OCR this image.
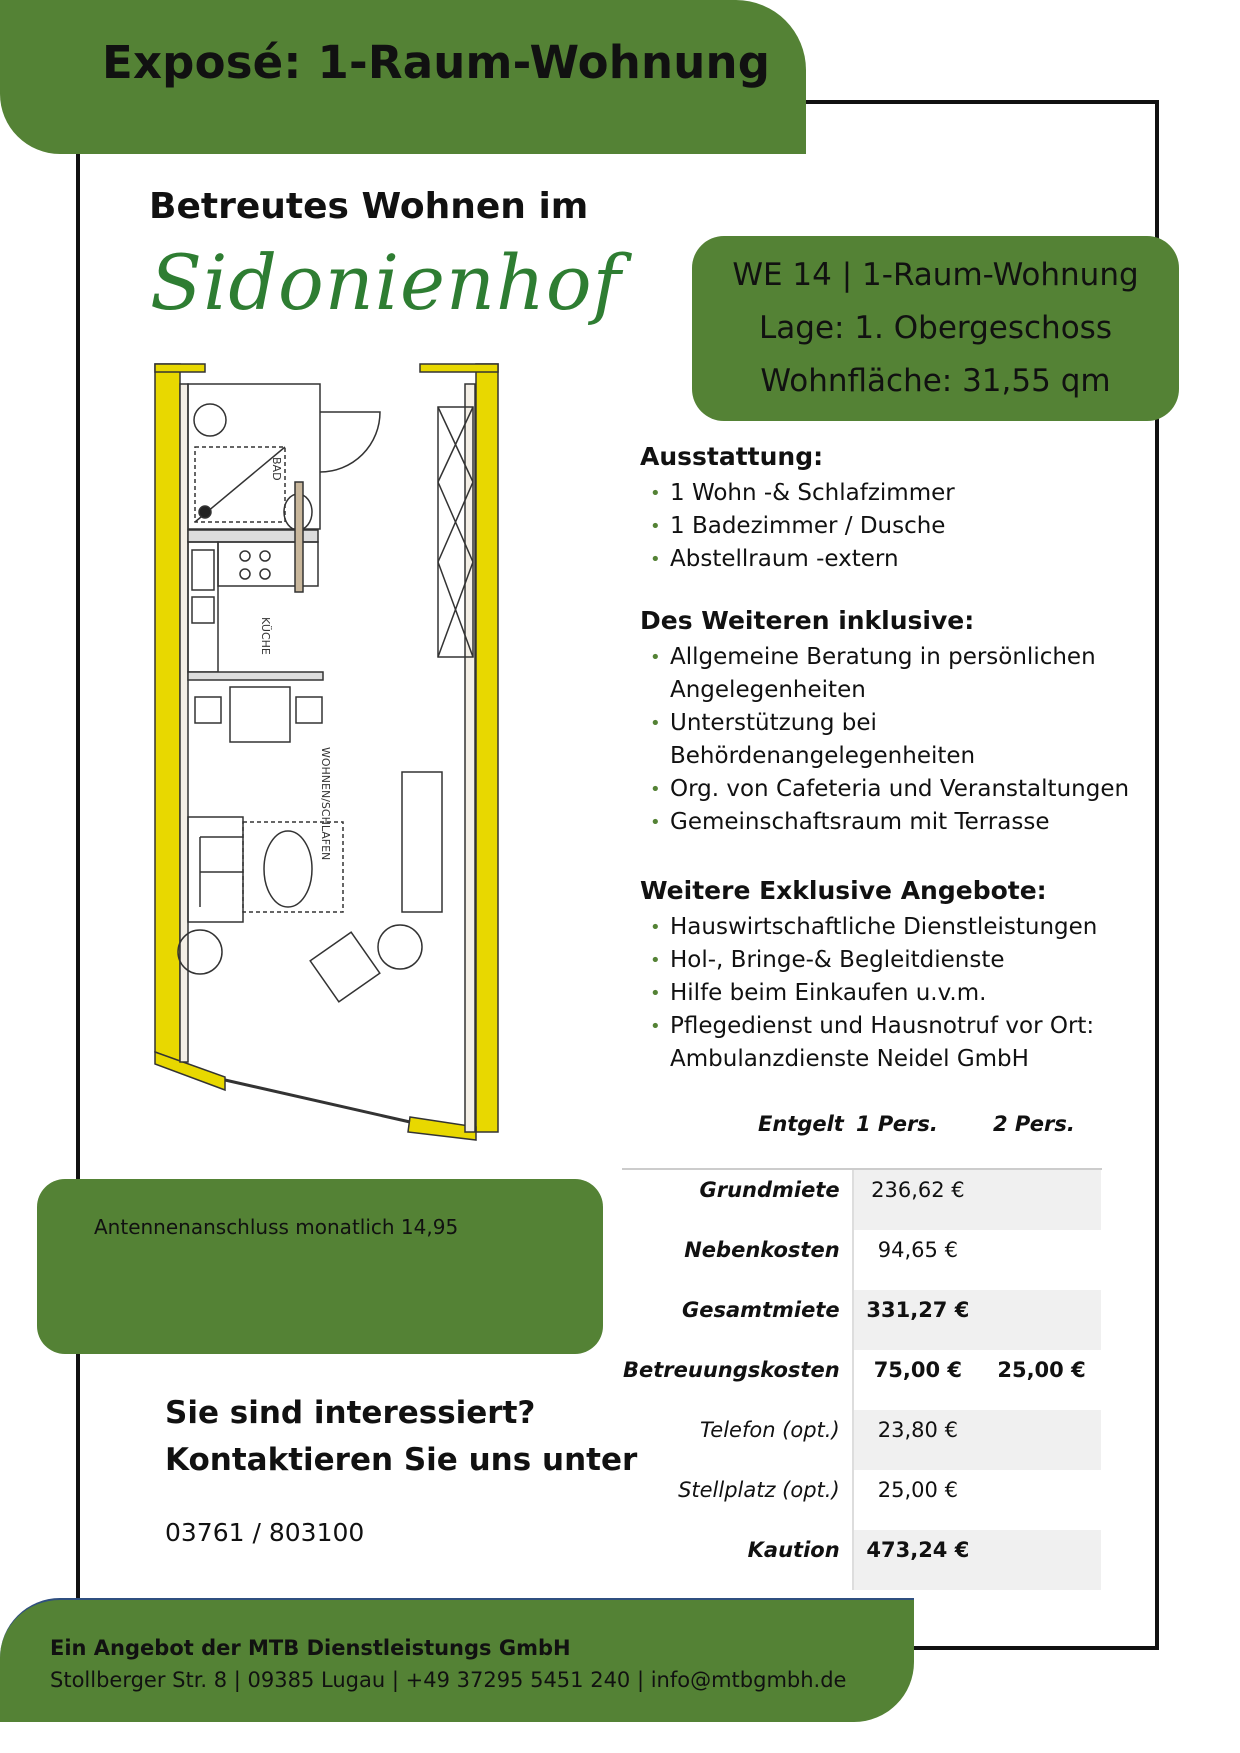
Exposé: 1-Raum-Wohnung

Betreutes Wohnen im

Sidonienhof	WE 14 | 1-Raum-Wohnung
Lage: 1. Obergeschoss
Wohnfläche: 31,55 qm
BAD
KÜCHE
WOHNEN/SCHLAFEN
Ausstattung:
• 1 Wohn -& Schlafzimmer
• 1 Badezimmer / Dusche
• Abstellraum -extern
Des Weiteren inklusive:
• Allgemeine Beratung in persönlichen Angelegenheiten
• Unterstützung bei Behördenangelegenheiten
• Org. von Cafeteria und Veranstaltungen
• Gemeinschaftsraum mit Terrasse
Weitere Exklusive Angebote:
• Hauswirtschaftliche Dienstleistungen
• Hol-, Bringe-& Begleitdienste
• Hilfe beim Einkaufen u.v.m.
• Pflegedienst und Hausnotruf vor Ort: Ambulanzdienste Neidel GmbH
Entgelt 1 Pers.	2 Pers.
Grundmiete	236,62 €	
Nebenkosten	94,65 €	
Gesamtmiete	331,27 €	
Betreuungskosten	75,00 €	25,00 €
Telefon (opt.)	23,80 €	
Stellplatz (opt.)	25,00 €	
Kaution	473,24 €	
Antennenanschluss monatlich 14,95
Sie sind interessiert?
Kontaktieren Sie uns unter
03761 / 803100
Ein Angebot der MTB Dienstleistungs GmbH
Stollberger Str. 8 | 09385 Lugau | +49 37295 5451 240 | info@mtbgmbh.de
